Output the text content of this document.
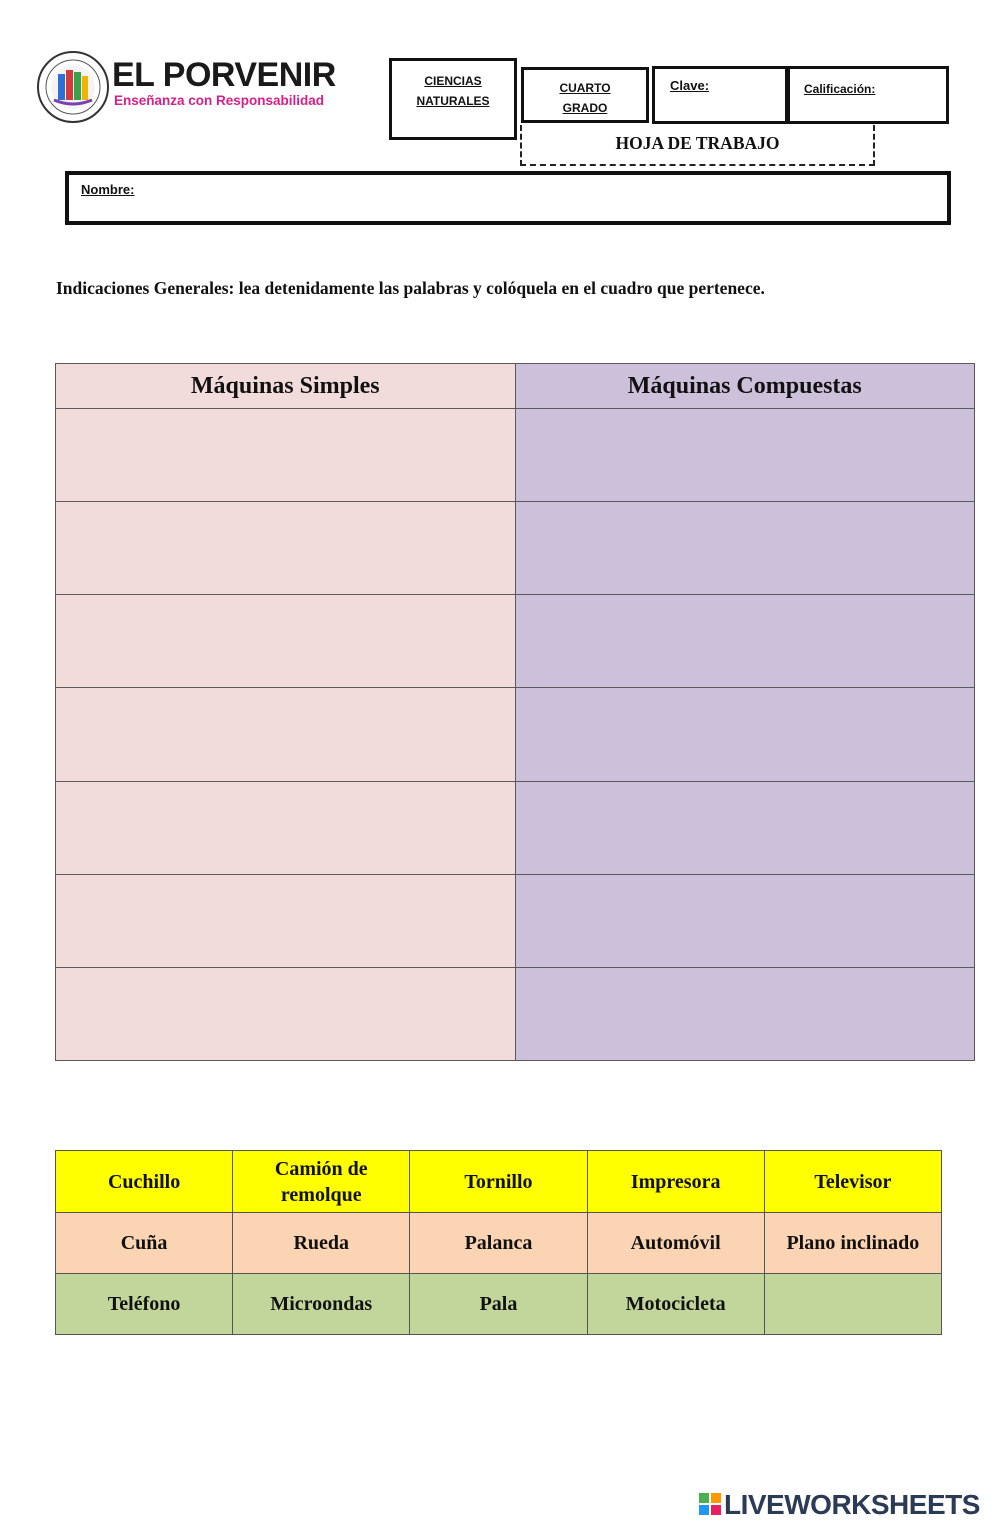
EL PORVENIR
Enseñanza con Responsabilidad
CIENCIAS
NATURALES
CUARTO
GRADO
Clave:	Calificación:
HOJA DE TRABAJO
Nombre:
Indicaciones Generales: lea detenidamente las palabras y colóquela en el cuadro que pertenece.
Máquinas Simples	Máquinas Compuestas

Cuchillo	Camión de remolque	Tornillo	Impresora	Televisor
Cuña	Rueda	Palanca	Automóvil	Plano inclinado
Teléfono	Microondas	Pala	Motocicleta	
LIVEWORKSHEETS
